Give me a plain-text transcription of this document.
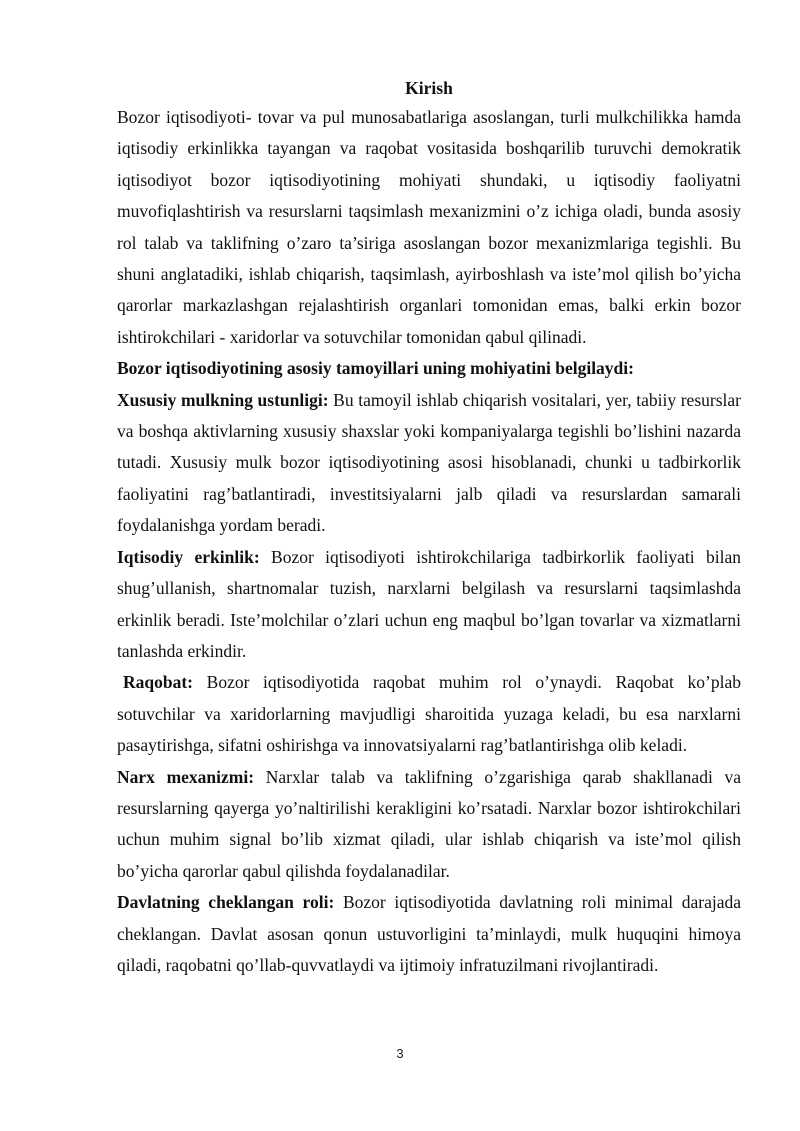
Kirish

Bozor iqtisodiyoti- tovar va pul munosabatlariga asoslangan, turli mulkchilikka hamda iqtisodiy erkinlikka tayangan va raqobat vositasida boshqarilib turuvchi demokratik iqtisodiyot bozor iqtisodiyotining mohiyati shundaki, u iqtisodiy faoliyatni muvofiqlashtirish va resurslarni taqsimlash mexanizmini o’z ichiga oladi, bunda asosiy rol talab va taklifning o’zaro ta’siriga asoslangan bozor mexanizmlariga tegishli. Bu shuni anglatadiki, ishlab chiqarish, taqsimlash, ayirboshlash va iste’mol qilish bo’yicha qarorlar markazlashgan rejalashtirish organlari tomonidan emas, balki erkin bozor ishtirokchilari - xaridorlar va sotuvchilar tomonidan qabul qilinadi.

Bozor iqtisodiyotining asosiy tamoyillari uning mohiyatini belgilaydi:

Xususiy mulkning ustunligi: Bu tamoyil ishlab chiqarish vositalari, yer, tabiiy resurslar va boshqa aktivlarning xususiy shaxslar yoki kompaniyalarga tegishli bo’lishini nazarda tutadi. Xususiy mulk bozor iqtisodiyotining asosi hisoblanadi, chunki u tadbirkorlik faoliyatini rag’batlantiradi, investitsiyalarni jalb qiladi va resurslardan samarali foydalanishga yordam beradi.

Iqtisodiy erkinlik: Bozor iqtisodiyoti ishtirokchilariga tadbirkorlik faoliyati bilan shug’ullanish, shartnomalar tuzish, narxlarni belgilash va resurslarni taqsimlashda erkinlik beradi. Iste’molchilar o’zlari uchun eng maqbul bo’lgan tovarlar va xizmatlarni tanlashda erkindir.

Raqobat: Bozor iqtisodiyotida raqobat muhim rol o’ynaydi. Raqobat ko’plab sotuvchilar va xaridorlarning mavjudligi sharoitida yuzaga keladi, bu esa narxlarni pasaytirishga, sifatni oshirishga va innovatsiyalarni rag’batlantirishga olib keladi.

Narx mexanizmi: Narxlar talab va taklifning o’zgarishiga qarab shakllanadi va resurslarning qayerga yo’naltirilishi kerakligini ko’rsatadi. Narxlar bozor ishtirokchilari uchun muhim signal bo’lib xizmat qiladi, ular ishlab chiqarish va iste’mol qilish bo’yicha qarorlar qabul qilishda foydalanadilar.

Davlatning cheklangan roli: Bozor iqtisodiyotida davlatning roli minimal darajada cheklangan. Davlat asosan qonun ustuvorligini ta’minlaydi, mulk huquqini himoya qiladi, raqobatni qo’llab-quvvatlaydi va ijtimoiy infratuzilmani rivojlantiradi.

3
